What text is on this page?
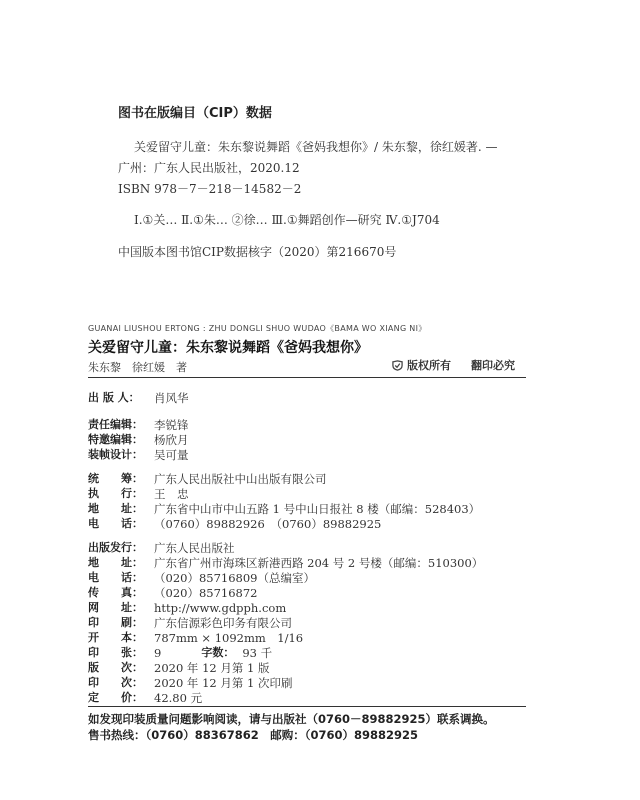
图书在版编目（CIP）数据
关爱留守儿童：朱东黎说舞蹈《爸妈我想你》/ 朱东黎，徐红媛著. —
广州：广东人民出版社，2020.12
ISBN 978－7－218－14582－2
Ⅰ.①关… Ⅱ.①朱… ②徐… Ⅲ.①舞蹈创作—研究 Ⅳ.①J704
中国版本图书馆CIP数据核字（2020）第216670号
GUANAI LIUSHOU ERTONG : ZHU DONGLI SHUO WUDAO《BAMA WO XIANG NI》
关爱留守儿童：朱东黎说舞蹈《爸妈我想你》
朱东黎　徐红媛　著	版权所有 翻印必究
出 版 人：	肖风华
责任编辑： 李锐锋
特邀编辑： 杨欣月
装帧设计： 吴可量
统　　筹： 广东人民出版社中山出版有限公司
执　　行： 王　忠
地　　址： 广东省中山市中山五路 1 号中山日报社 8 楼（邮编：528403）
电　　话： （0760）89882926　（0760）89882925
出版发行： 广东人民出版社
地　　址： 广东省广州市海珠区新港西路 204 号 2 号楼（邮编：510300）
电　　话： （020）85716809（总编室）
传　　真： （020）85716872
网　　址： http://www.gdpph.com
印　　刷： 广东信源彩色印务有限公司
开　　本： 787mm × 1092mm　1/16
印　　张： 9	字数： 93 千
版　　次： 2020 年 12 月第 1 版
印　　次： 2020 年 12 月第 1 次印刷
定　　价： 42.80 元
如发现印装质量问题影响阅读，请与出版社（0760－89882925）联系调换。
售书热线：（0760）88367862　邮购：（0760）89882925
